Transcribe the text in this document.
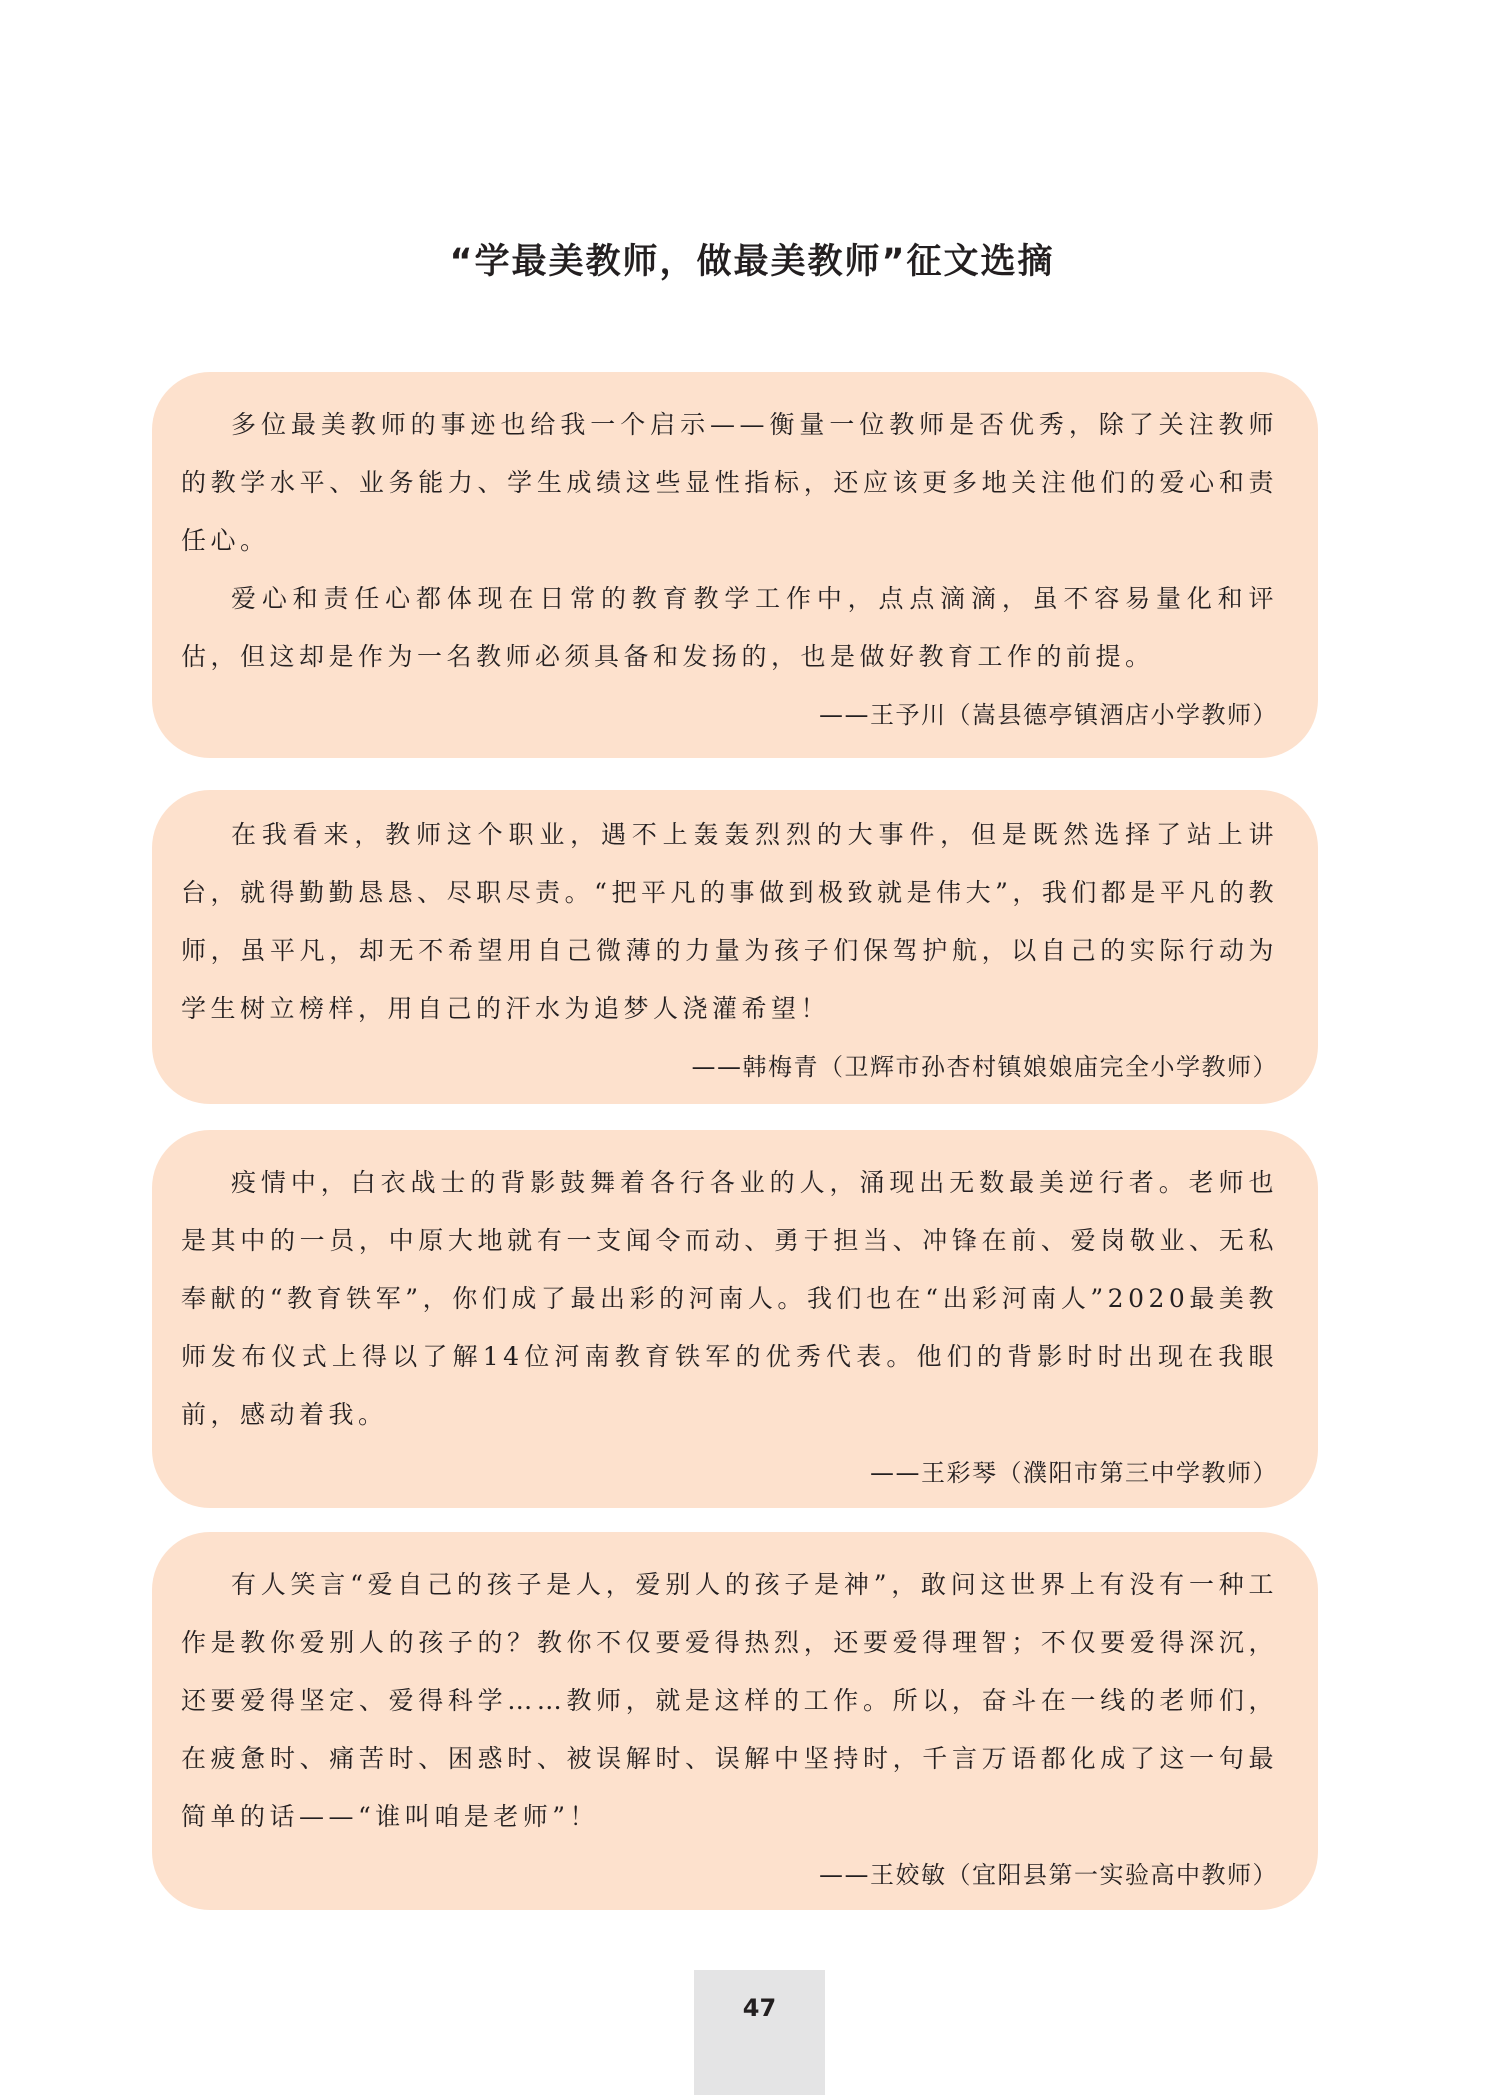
“学最美教师，做最美教师”征文选摘

多位最美教师的事迹也给我一个启示——衡量一位教师是否优秀，除了关注教师的教学水平、业务能力、学生成绩这些显性指标，还应该更多地关注他们的爱心和责任心。

爱心和责任心都体现在日常的教育教学工作中，点点滴滴，虽不容易量化和评估，但这却是作为一名教师必须具备和发扬的，也是做好教育工作的前提。

——王予川（嵩县德亭镇酒店小学教师）

在我看来，教师这个职业，遇不上轰轰烈烈的大事件，但是既然选择了站上讲台，就得勤勤恳恳、尽职尽责。“把平凡的事做到极致就是伟大”，我们都是平凡的教师，虽平凡，却无不希望用自己微薄的力量为孩子们保驾护航，以自己的实际行动为学生树立榜样，用自己的汗水为追梦人浇灌希望！

——韩梅青（卫辉市孙杏村镇娘娘庙完全小学教师）

疫情中，白衣战士的背影鼓舞着各行各业的人，涌现出无数最美逆行者。老师也是其中的一员，中原大地就有一支闻令而动、勇于担当、冲锋在前、爱岗敬业、无私奉献的“教育铁军”，你们成了最出彩的河南人。我们也在“出彩河南人”2020最美教师发布仪式上得以了解14位河南教育铁军的优秀代表。他们的背影时时出现在我眼前，感动着我。

——王彩琴（濮阳市第三中学教师）

有人笑言“爱自己的孩子是人，爱别人的孩子是神”，敢问这世界上有没有一种工作是教你爱别人的孩子的？教你不仅要爱得热烈，还要爱得理智；不仅要爱得深沉，还要爱得坚定、爱得科学……教师，就是这样的工作。所以，奋斗在一线的老师们，在疲惫时、痛苦时、困惑时、被误解时、误解中坚持时，千言万语都化成了这一句最简单的话——“谁叫咱是老师”！

——王姣敏（宜阳县第一实验高中教师）
47
